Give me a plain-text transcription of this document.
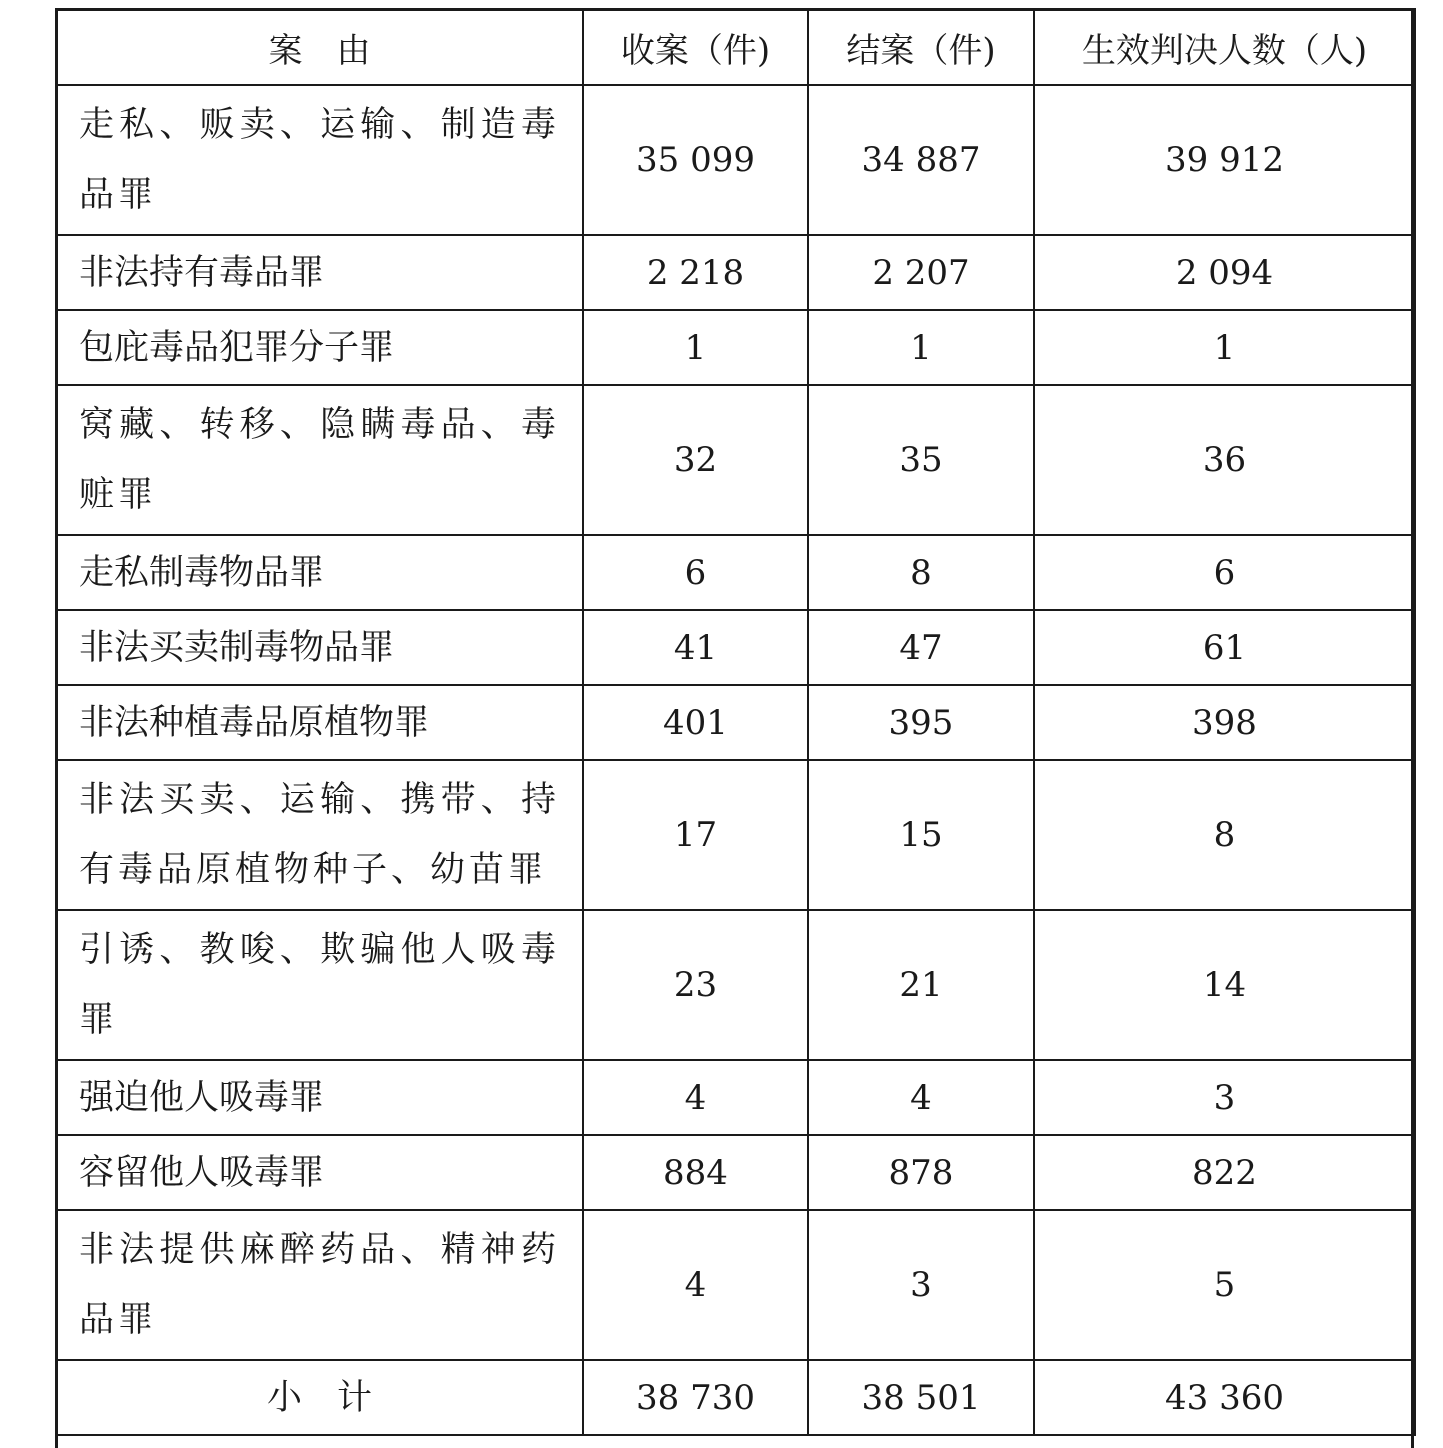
案　由	收案（件)	结案（件)	生效判决人数（人)
走私、贩卖、运输、制造毒品罪	35 099	34 887	39 912
非法持有毒品罪	2 218	2 207	2 094
包庇毒品犯罪分子罪	1	1	1
窝藏、转移、隐瞒毒品、毒赃罪	32	35	36
走私制毒物品罪	6	8	6
非法买卖制毒物品罪	41	47	61
非法种植毒品原植物罪	401	395	398
非法买卖、运输、携带、持有毒品原植物种子、幼苗罪	17	15	8
引诱、教唆、欺骗他人吸毒罪	23	21	14
强迫他人吸毒罪	4	4	3
容留他人吸毒罪	884	878	822
非法提供麻醉药品、精神药品罪	4	3	5
小　计	38 730	38 501	43 360
